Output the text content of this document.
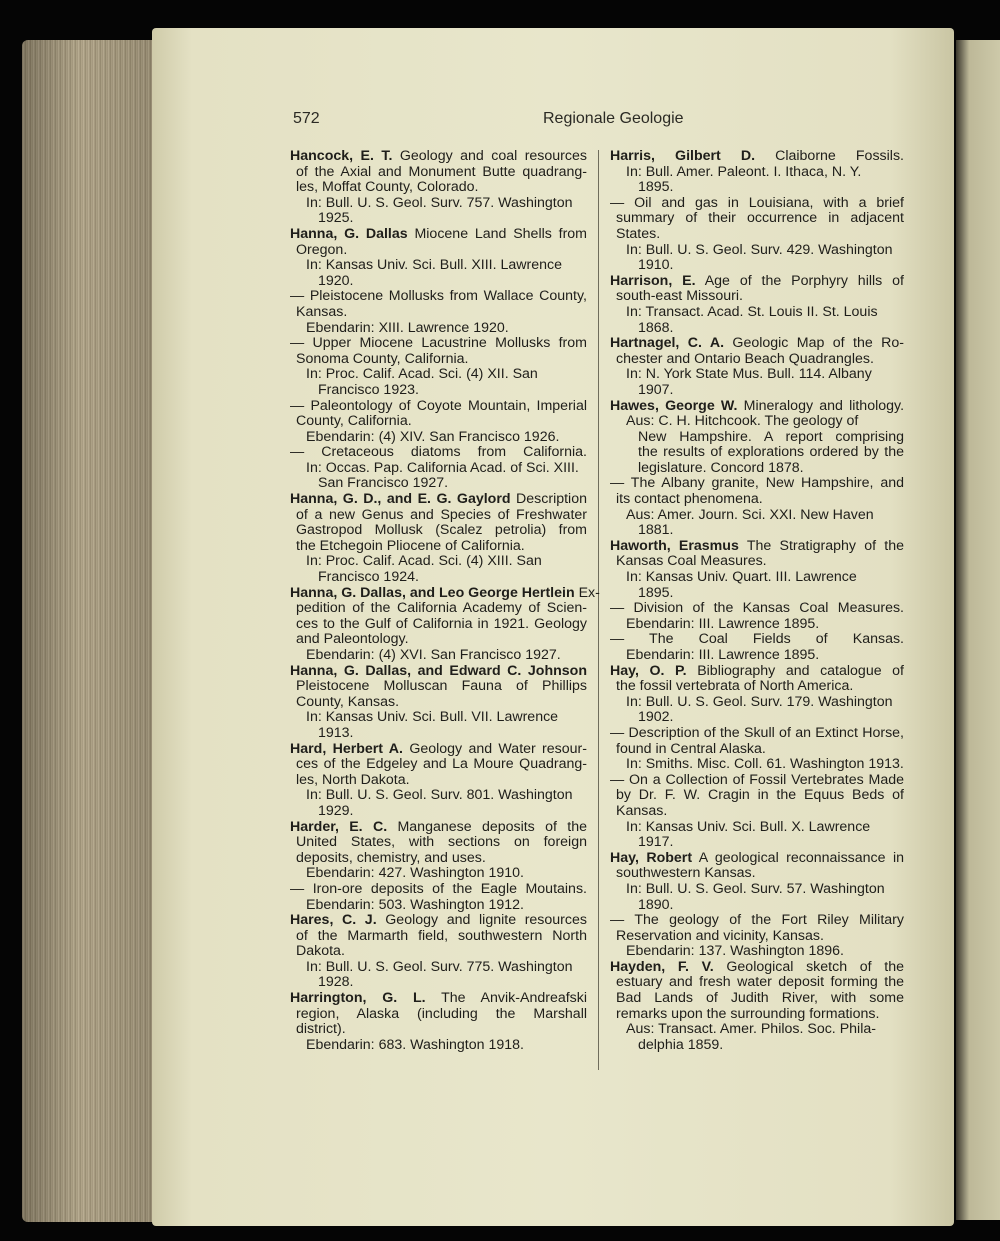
572	Regionale Geologie
Hancock, E. T. Geology and coal resources
of the Axial and Monument Butte quadrang-
les, Moffat County, Colorado.
In: Bull. U. S. Geol. Surv. 757. Washington
1925.
Hanna, G. Dallas Miocene Land Shells from
Oregon.
In: Kansas Univ. Sci. Bull. XIII. Lawrence
1920.
— Pleistocene Mollusks from Wallace County,
Kansas.
Ebendarin: XIII. Lawrence 1920.
— Upper Miocene Lacustrine Mollusks from
Sonoma County, California.
In: Proc. Calif. Acad. Sci. (4) XII. San
Francisco 1923.
— Paleontology of Coyote Mountain, Imperial
County, California.
Ebendarin: (4) XIV. San Francisco 1926.
— Cretaceous diatoms from California.
In: Occas. Pap. California Acad. of Sci. XIII.
San Francisco 1927.
Hanna, G. D., and E. G. Gaylord Description
of a new Genus and Species of Freshwater
Gastropod Mollusk (Scalez petrolia) from
the Etchegoin Pliocene of California.
In: Proc. Calif. Acad. Sci. (4) XIII. San
Francisco 1924.
Hanna, G. Dallas, and Leo George Hertlein Ex-
pedition of the California Academy of Scien-
ces to the Gulf of California in 1921. Geology
and Paleontology.
Ebendarin: (4) XVI. San Francisco 1927.
Hanna, G. Dallas, and Edward C. Johnson
Pleistocene Molluscan Fauna of Phillips
County, Kansas.
In: Kansas Univ. Sci. Bull. VII. Lawrence
1913.
Hard, Herbert A. Geology and Water resour-
ces of the Edgeley and La Moure Quadrang-
les, North Dakota.
In: Bull. U. S. Geol. Surv. 801. Washington
1929.
Harder, E. C. Manganese deposits of the
United States, with sections on foreign
deposits, chemistry, and uses.
Ebendarin: 427. Washington 1910.
— Iron-ore deposits of the Eagle Moutains.
Ebendarin: 503. Washington 1912.
Hares, C. J. Geology and lignite resources
of the Marmarth field, southwestern North
Dakota.
In: Bull. U. S. Geol. Surv. 775. Washington
1928.
Harrington, G. L. The Anvik-Andreafski
region, Alaska (including the Marshall
district).
Ebendarin: 683. Washington 1918.
Harris, Gilbert D. Claiborne Fossils.
In: Bull. Amer. Paleont. I. Ithaca, N. Y.
1895.
— Oil and gas in Louisiana, with a brief
summary of their occurrence in adjacent
States.
In: Bull. U. S. Geol. Surv. 429. Washington
1910.
Harrison, E. Age of the Porphyry hills of
south-east Missouri.
In: Transact. Acad. St. Louis II. St. Louis
1868.
Hartnagel, C. A. Geologic Map of the Ro-
chester and Ontario Beach Quadrangles.
In: N. York State Mus. Bull. 114. Albany
1907.
Hawes, George W. Mineralogy and lithology.
Aus: C. H. Hitchcook. The geology of
New Hampshire. A report comprising
the results of explorations ordered by the
legislature. Concord 1878.
— The Albany granite, New Hampshire, and
its contact phenomena.
Aus: Amer. Journ. Sci. XXI. New Haven
1881.
Haworth, Erasmus The Stratigraphy of the
Kansas Coal Measures.
In: Kansas Univ. Quart. III. Lawrence
1895.
— Division of the Kansas Coal Measures.
Ebendarin: III. Lawrence 1895.
— The Coal Fields of Kansas.
Ebendarin: III. Lawrence 1895.
Hay, O. P. Bibliography and catalogue of
the fossil vertebrata of North America.
In: Bull. U. S. Geol. Surv. 179. Washington
1902.
— Description of the Skull of an Extinct Horse,
found in Central Alaska.
In: Smiths. Misc. Coll. 61. Washington 1913.
— On a Collection of Fossil Vertebrates Made
by Dr. F. W. Cragin in the Equus Beds of
Kansas.
In: Kansas Univ. Sci. Bull. X. Lawrence
1917.
Hay, Robert A geological reconnaissance in
southwestern Kansas.
In: Bull. U. S. Geol. Surv. 57. Washington
1890.
— The geology of the Fort Riley Military
Reservation and vicinity, Kansas.
Ebendarin: 137. Washington 1896.
Hayden, F. V. Geological sketch of the
estuary and fresh water deposit forming the
Bad Lands of Judith River, with some
remarks upon the surrounding formations.
Aus: Transact. Amer. Philos. Soc. Phila-
delphia 1859.
